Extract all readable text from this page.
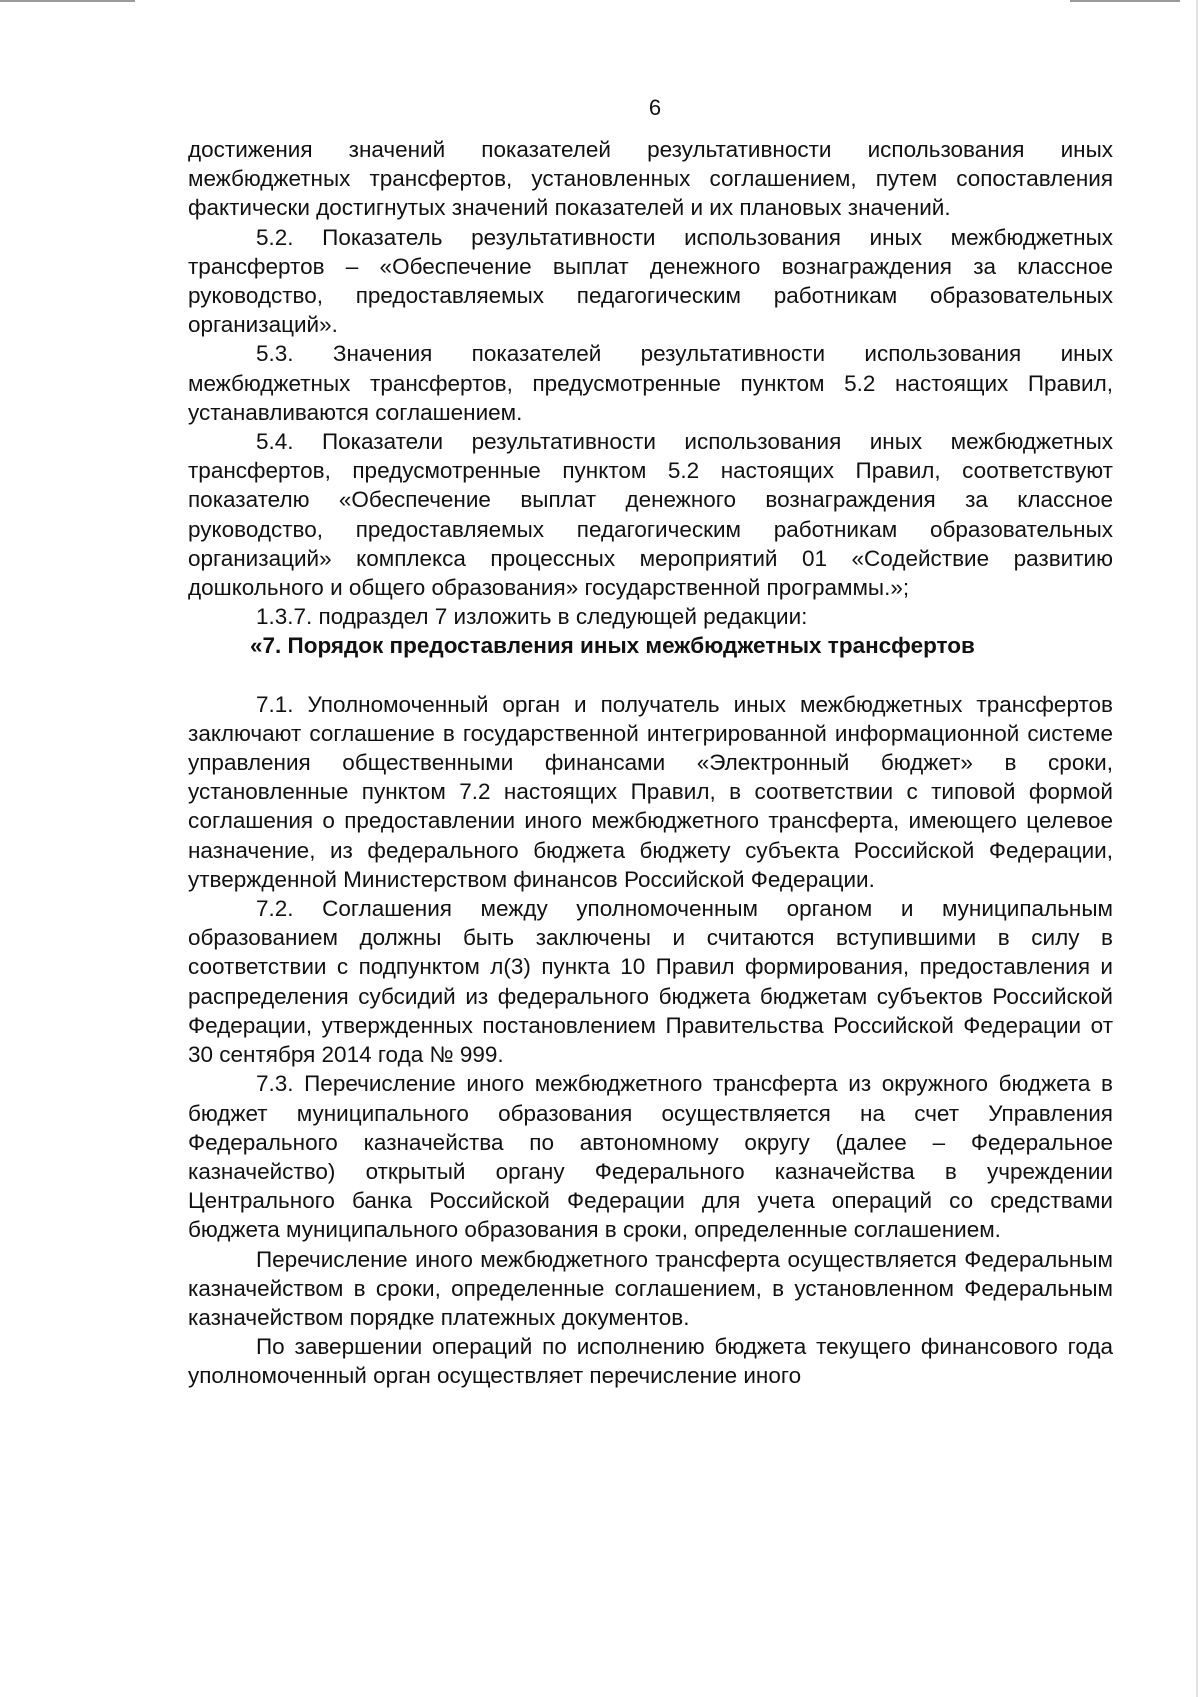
6

достижения значений показателей результативности использования иных межбюджетных трансфертов, установленных соглашением, путем сопоставления фактически достигнутых значений показателей и их плановых значений.

5.2. Показатель результативности использования иных межбюджетных трансфертов – «Обеспечение выплат денежного вознаграждения за классное руководство, предоставляемых педагогическим работникам образовательных организаций».

5.3. Значения показателей результативности использования иных межбюджетных трансфертов, предусмотренные пунктом 5.2 настоящих Правил, устанавливаются соглашением.

5.4. Показатели результативности использования иных межбюджетных трансфертов, предусмотренные пунктом 5.2 настоящих Правил, соответствуют показателю «Обеспечение выплат денежного вознаграждения за классное руководство, предоставляемых педагогическим работникам образовательных организаций» комплекса процессных мероприятий 01 «Содействие развитию дошкольного и общего образования» государственной программы.»;

1.3.7. подраздел 7 изложить в следующей редакции:

«7. Порядок предоставления иных межбюджетных трансфертов

7.1. Уполномоченный орган и получатель иных межбюджетных трансфертов заключают соглашение в государственной интегрированной информационной системе управления общественными финансами «Электронный бюджет» в сроки, установленные пунктом 7.2 настоящих Правил, в соответствии с типовой формой соглашения о предоставлении иного межбюджетного трансферта, имеющего целевое назначение, из федерального бюджета бюджету субъекта Российской Федерации, утвержденной Министерством финансов Российской Федерации.

7.2. Соглашения между уполномоченным органом и муниципальным образованием должны быть заключены и считаются вступившими в силу в соответствии с подпунктом л(3) пункта 10 Правил формирования, предоставления и распределения субсидий из федерального бюджета бюджетам субъектов Российской Федерации, утвержденных постановлением Правительства Российской Федерации от 30 сентября 2014 года № 999.

7.3. Перечисление иного межбюджетного трансферта из окружного бюджета в бюджет муниципального образования осуществляется на счет Управления Федерального казначейства по автономному округу (далее – Федеральное казначейство) открытый органу Федерального казначейства в учреждении Центрального банка Российской Федерации для учета операций со средствами бюджета муниципального образования в сроки, определенные соглашением.

Перечисление иного межбюджетного трансферта осуществляется Федеральным казначейством в сроки, определенные соглашением, в установленном Федеральным казначейством порядке платежных документов.

По завершении операций по исполнению бюджета текущего финансового года уполномоченный орган осуществляет перечисление иного
